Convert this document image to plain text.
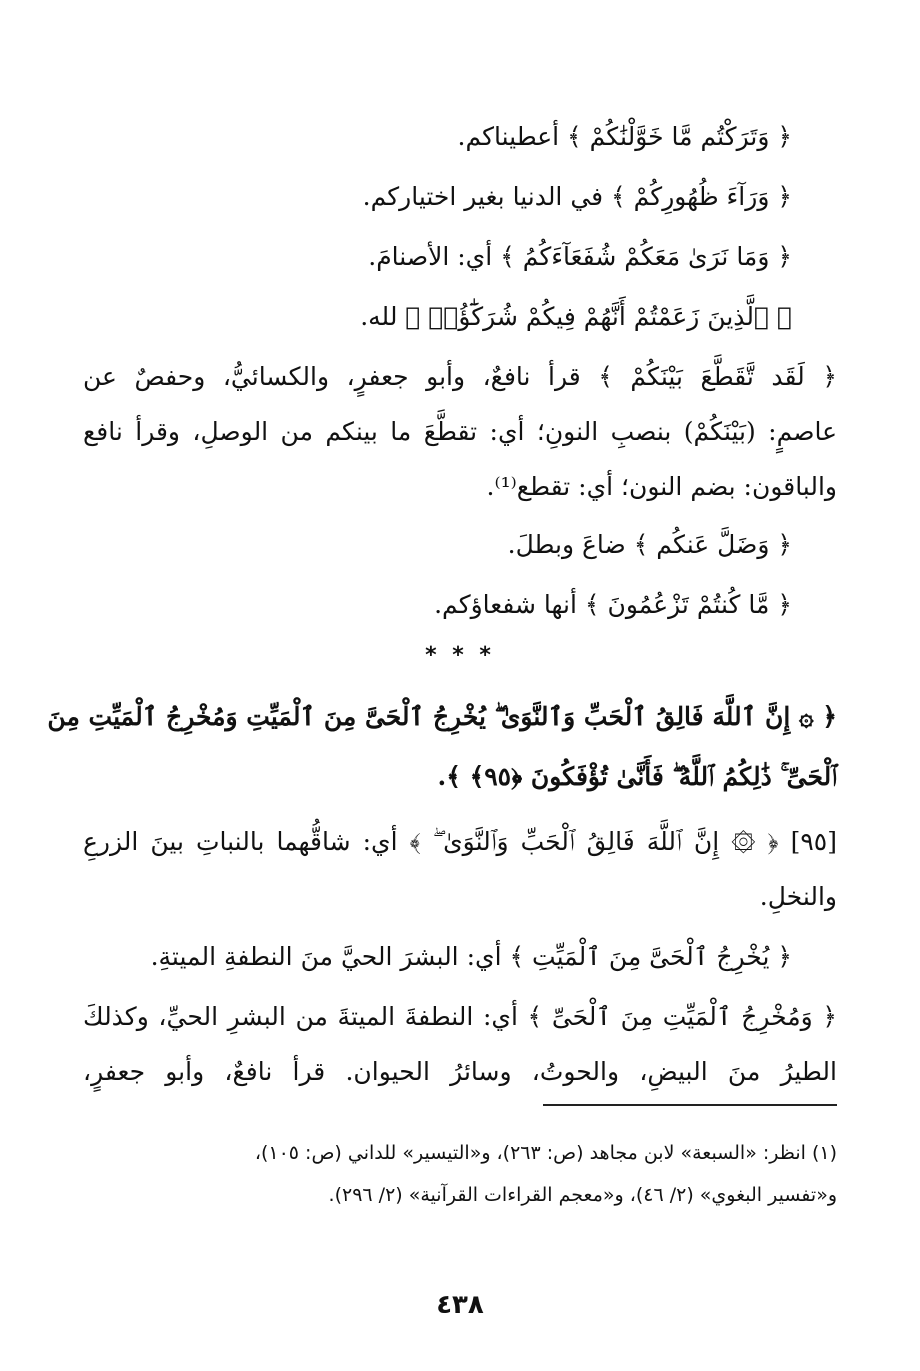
﴿ وَتَرَكْتُم مَّا خَوَّلْنَٰكُمْ ﴾ أعطيناكم.
﴿ وَرَآءَ ظُهُورِكُمْ ﴾ في الدنيا بغير اختياركم.
﴿ وَمَا نَرَىٰ مَعَكُمْ شُفَعَآءَكُمُ ﴾ أي: الأصنامَ.
﴿ ٱلَّذِينَ زَعَمْتُمْ أَنَّهُمْ فِيكُمْ شُرَكَٰٓؤُا۟ ﴾ لله.
﴿ لَقَد تَّقَطَّعَ بَيْنَكُمْ ﴾ قرأ نافعٌ، وأبو جعفرٍ، والكسائيُّ، وحفصٌ عن
عاصمٍ: (بَيْنَكُمْ) بنصبِ النونِ؛ أي: تقطَّعَ ما بينكم من الوصلِ، وقرأ نافع
والباقون: بضم النون؛ أي: تقطع⁽¹⁾.
﴿ وَضَلَّ عَنكُم ﴾ ضاعَ وبطلَ.
﴿ مَّا كُنتُمْ تَزْعُمُونَ ﴾ أنها شفعاؤكم.
* * *
﴿ ۞ إِنَّ ٱللَّهَ فَالِقُ ٱلْحَبِّ وَٱلنَّوَىٰ ۖ يُخْرِجُ ٱلْحَىَّ مِنَ ٱلْمَيِّتِ وَمُخْرِجُ ٱلْمَيِّتِ مِنَ
ٱلْحَىِّ ۚ ذَٰلِكُمُ ٱللَّهُ ۖ فَأَنَّىٰ تُؤْفَكُونَ ﴿٩٥﴾ ﴾.
[٩٥] ﴿ ۞ إِنَّ ٱللَّهَ فَالِقُ ٱلْحَبِّ وَٱلنَّوَىٰ ۖ ﴾ أي: شاقُّهما بالنباتِ بينَ الزرعِ
والنخلِ.
﴿ يُخْرِجُ ٱلْحَىَّ مِنَ ٱلْمَيِّتِ ﴾ أي: البشرَ الحيَّ منَ النطفةِ الميتةِ.
﴿ وَمُخْرِجُ ٱلْمَيِّتِ مِنَ ٱلْحَىِّ ﴾ أي: النطفةَ الميتةَ من البشرِ الحيِّ، وكذلكَ
الطيرُ منَ البيضِ، والحوتُ، وسائرُ الحيوان. قرأ نافعٌ، وأبو جعفرٍ،
(١) انظر: «السبعة» لابن مجاهد (ص: ٢٦٣)، و«التيسير» للداني (ص: ١٠٥)،
و«تفسير البغوي» (٢/ ٤٦)، و«معجم القراءات القرآنية» (٢/ ٢٩٦).
٤٣٨
